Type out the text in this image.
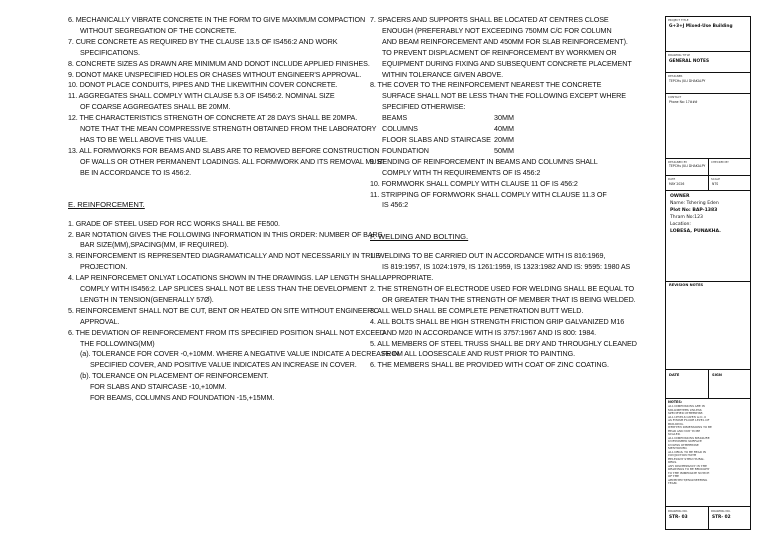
6. MECHANICALLY VIBRATE CONCRETE IN THE FORM TO GIVE MAXIMUM COMPACTION
WITHOUT SEGREGATION OF THE CONCRETE.
7. CURE CONCRETE AS REQUIRED BY THE CLAUSE 13.5 OF IS456:2 AND WORK
SPECIFICATIONS.
8. CONCRETE SIZES AS DRAWN ARE MINIMUM AND DONOT INCLUDE APPLIED FINISHES.
9. DONOT MAKE UNSPECIFIED HOLES OR CHASES WITHOUT ENGINEER'S APPROVAL.
10. DONOT PLACE CONDUITS, PIPES AND THE LIKEWITHIN COVER CONCRETE.
11. AGGREGATES SHALL COMPLY WITH CLAUSE 5.3 OF IS456:2. NOMINAL SIZE
OF COARSE AGGREGATES SHALL BE 20MM.
12. THE CHARACTERISTICS STRENGTH OF CONCRETE AT 28 DAYS SHALL BE 20MPA.
NOTE THAT THE MEAN COMPRESSIVE STRENGTH OBTAINED FROM THE LABORATORY
HAS TO BE WELL ABOVE THIS VALUE.
13. ALL FORMWORKS FOR BEAMS AND SLABS ARE TO REMOVED BEFORE CONSTRUCTION
OF WALLS OR OTHER PERMANENT LOADINGS. ALL FORMWORK AND ITS REMOVAL MUST
BE IN ACCORDANCE TO IS 456:2.
E. REINFORCEMENT.
1. GRADE OF STEEL USED FOR RCC WORKS SHALL BE FE500.
2. BAR NOTATION GIVES THE FOLLOWING INFORMATION IN THIS ORDER: NUMBER OF BARS
BAR SIZE(MM),SPACING(MM, IF REQUIRED).
3. REINFORCEMENT IS REPRESENTED DIAGRAMATICALLY AND NOT NECESSARILY IN TRUE
PROJECTION.
4. LAP REINFORCEMET ONLYAT LOCATIONS SHOWN IN THE DRAWINGS. LAP LENGTH SHALL
COMPLY WITH IS456:2. LAP SPLICES SHALL NOT BE LESS THAN THE DEVELOPMENT
LENGTH IN TENSION(GENERALLY 57Ø).
5. REINFORCEMENT SHALL NOT BE CUT, BENT OR HEATED ON SITE WITHOUT ENGINEER'C
APPROVAL.
6. THE DEVIATION OF REINFORCEMENT FROM ITS SPECIFIED POSITION SHALL NOT EXCEED
THE FOLLOWING(MM)
(a). TOLERANCE FOR COVER -0,+10MM. WHERE A NEGATIVE VALUE INDICATE A DECREASE IN
SPECIFIED COVER, AND POSITIVE VALUE INDICATES AN INCREASE IN COVER.
(b). TOLERANCE ON PLACEMENT OF REINFORCEMENT.
FOR SLABS AND STAIRCASE -10,+10MM.
FOR BEAMS, COLUMNS AND FOUNDATION -15,+15MM.
7. SPACERS AND SUPPORTS SHALL BE LOCATED AT CENTRES CLOSE
ENOUGH (PREFERABLY NOT EXCEEDING 750MM C/C FOR COLUMN
AND BEAM REINFORCEMENT AND 450MM FOR SLAB REINFORCEMENT).
TO PREVENT DISPLACMENT OF REINFORCEMENT BY WORKMEN OR
EQUIPMENT DURING FIXING AND SUBSEQUENT CONCRETE PLACEMENT
WITHIN TOLERANCE GIVEN ABOVE.
8. THE COVER TO THE REINFORCEMENT NEAREST THE CONCRETE
SURFACE SHALL NOT BE LESS THAN THE FOLLOWING EXCEPT WHERE
SPECIFIED OTHERWISE:
BEAMS	30MM
COLUMNS	40MM
FLOOR SLABS AND STAIRCASE	20MM
FOUNDATION	50MM
9. BENDING OF REINFORCEMENT IN BEAMS AND COLUMNS SHALL
COMPLY WITH TH REQUIREMENTS OF IS 456:2
10. FORMWORK SHALL COMPLY WITH CLAUSE 11 OF IS 456:2
11. STRIPPING OF FORMWORK SHALL COMPLY WITH CLAUSE 11.3 OF
IS 456:2
F. WELDING AND BOLTING.
1. WELDING TO BE CARRIED OUT IN ACCORDANCE WITH IS 816:1969,
IS 819:1957, IS 1024:1979, IS 1261:1959, IS 1323:1982 AND IS: 9595: 1980 AS
APPROPRIATE.
2. THE STRENGTH OF ELECTRODE USED FOR WELDING SHALL BE EQUAL TO
OR GREATER THAN THE STRENGTH OF MEMBER THAT IS BEING WELDED.
3. ALL WELD SHALL BE COMPLETE PENETRATION BUTT WELD.
4. ALL BOLTS SHALL BE HIGH STRENGTH FRICTION GRIP GALVANIZED M16
AND M20 IN ACCORDANCE WITH IS 3757:1967 AND IS 800: 1984.
5. ALL MEMBERS OF STEEL TRUSS SHALL BE DRY AND THROUGHLY CLEANED
FROM ALL LOOSESCALE AND RUST PRIOR TO PAINTING.
6. THE MEMBERS SHALL BE PROVIDED WITH COAT OF ZINC COATING.
PROJECT TITLE
G+3+J Mixed-Use Building
DRAWING TITLE
GENERAL NOTES
DESIGNER
TEPCHu JULI DHAKALPY
CONTACT
Phone No: 17###
DESIGNED BY
TEPCHu JULI DHAKALPY
CHECKED BY
DATE
MAY 2026
SCALE
NTS
OWNER
Name: Tshering Eden
Plot No: BAP-1383
Thram No:123
Location:
LOBESA, PUNAKHA.
REVISION NOTES
DATE	SIGN
NOTES:
ALL DIMENSIONS ARE IN
MILLIMETERS UNLESS
SPECIFIED OTHERWISE.
ALL LEVELS GIVEN w.r.t. 0
AS FINISH FLOOR LEVEL OF
BUILDING.
WRITTEN DIMENSIONS TO BE
READ AND NOT TO BE
SCALED.
ALL DIMENSIONS MEASURE
UNFINISHED SURFACE
UNLESS OTHERWISE
MENTIONED.
ALL DRGS. TO BE READ IN
CONJUCTION WITH
RELEVANT STRUCTURAL
DRGS.
ANY DISCREPANCY IN THE
DRAWINGS TO BE BROUGHT
TO THE IMMEDIATE NOTICE
OF THE
ARCHITECT/ENGINEERING
TEAM.
DRAWING NO.
STR- 03
DRAWING NO.
STR- 02
